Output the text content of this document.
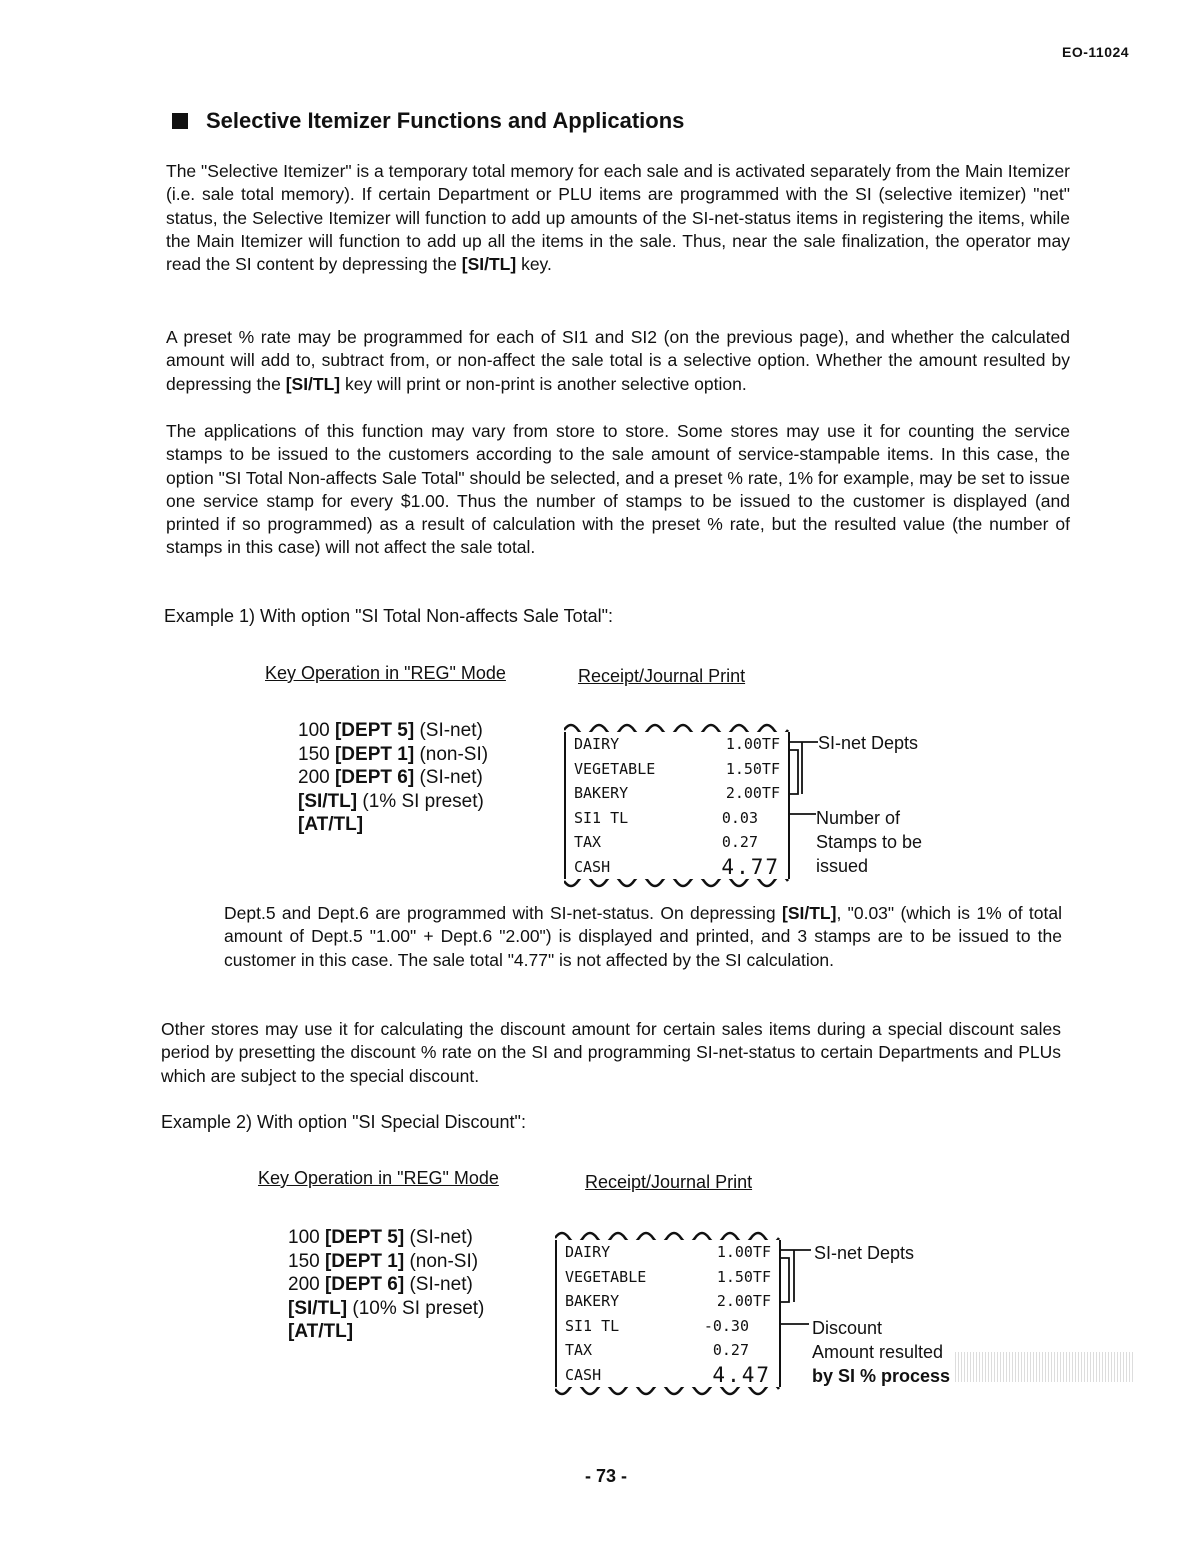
EO-11024
Selective Itemizer Functions and Applications
The "Selective Itemizer" is a temporary total memory for each sale and is activated separately from the Main Itemizer (i.e. sale total memory). If certain Department or PLU items are programmed with the SI (selective itemizer) "net" status, the Selective Itemizer will function to add up amounts of the SI-net-status items in registering the items, while the Main Itemizer will function to add up all the items in the sale. Thus, near the sale finalization, the operator may read the SI content by depressing the [SI/TL] key.
A preset % rate may be programmed for each of SI1 and SI2 (on the previous page), and whether the calculated amount will add to, subtract from, or non-affect the sale total is a selective option. Whether the amount resulted by depressing the [SI/TL] key will print or non-print is another selective option.
The applications of this function may vary from store to store. Some stores may use it for counting the service stamps to be issued to the customers according to the sale amount of service-stampable items. In this case, the option "SI Total Non-affects Sale Total" should be selected, and a preset % rate, 1% for example, may be set to issue one service stamp for every $1.00. Thus the number of stamps to be issued to the customer is displayed (and printed if so programmed) as a result of calculation with the preset % rate, but the resulted value (the number of stamps in this case) will not affect the sale total.
Example 1) With option "SI Total Non-affects Sale Total":
Key Operation in "REG" Mode	Receipt/Journal Print
100 [DEPT 5] (SI-net)
150 [DEPT 1] (non-SI)
200 [DEPT 6] (SI-net)
[SI/TL] (1% SI preset)
[AT/TL]
DAIRY	1.00TF
VEGETABLE	1.50TF
BAKERY	2.00TF
SI1 TL	0.03
TAX	0.27
CASH	4.77
SI-net Depts
Number of
Stamps to be
issued
Dept.5 and Dept.6 are programmed with SI-net-status. On depressing [SI/TL], "0.03" (which is 1% of total amount of Dept.5 "1.00" + Dept.6 "2.00") is displayed and printed, and 3 stamps are to be issued to the customer in this case. The sale total "4.77" is not affected by the SI calculation.
Other stores may use it for calculating the discount amount for certain sales items during a special discount sales period by presetting the discount % rate on the SI and programming SI-net-status to certain Departments and PLUs which are subject to the special discount.
Example 2) With option "SI Special Discount":
Key Operation in "REG" Mode	Receipt/Journal Print
100 [DEPT 5] (SI-net)
150 [DEPT 1] (non-SI)
200 [DEPT 6] (SI-net)
[SI/TL] (10% SI preset)
[AT/TL]
DAIRY	1.00TF
VEGETABLE	1.50TF
BAKERY	2.00TF
SI1 TL	-0.30
TAX	0.27
CASH	4.47
SI-net Depts
Discount
Amount resulted
by SI % process
- 73 -
